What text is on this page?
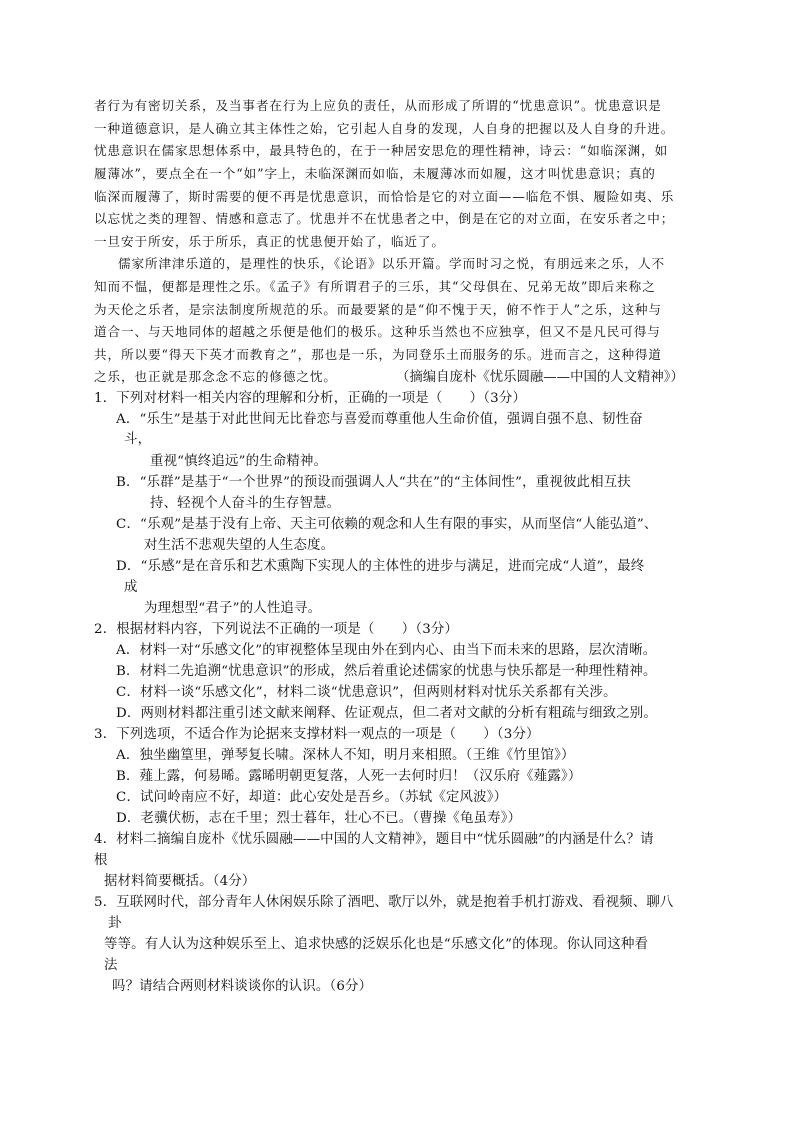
者行为有密切关系，及当事者在行为上应负的责任，从而形成了所谓的“忧患意识”。忧患意识是
一种道德意识，是人确立其主体性之始，它引起人自身的发现，人自身的把握以及人自身的升进。
忧患意识在儒家思想体系中，最具特色的，在于一种居安思危的理性精神，诗云：“如临深渊，如
履薄冰”，要点全在一个“如”字上，未临深渊而如临，未履薄冰而如履，这才叫忧患意识；真的
临深而履薄了，斯时需要的便不再是忧患意识，而恰恰是它的对立面——临危不惧、履险如夷、乐
以忘忧之类的理智、情感和意志了。忧患并不在忧患者之中，倒是在它的对立面，在安乐者之中；
一旦安于所安，乐于所乐，真正的忧患便开始了，临近了。
儒家所津津乐道的，是理性的快乐，《论语》以乐开篇。学而时习之悦，有朋远来之乐，人不
知而不愠，便都是理性之乐。《孟子》有所谓君子的三乐，其“父母俱在、兄弟无故”即后来称之
为天伦之乐者，是宗法制度所规范的乐。而最要紧的是“仰不愧于天，俯不怍于人”之乐，这种与
道合一、与天地同体的超越之乐便是他们的极乐。这种乐当然也不应独享，但又不是凡民可得与
共，所以要“得天下英才而教育之”，那也是一乐，为同登乐土而服务的乐。进而言之，这种得道
之乐，也正就是那念念不忘的修德之忱。	（摘编自庞朴《忧乐圆融——中国的人文精神》）
1．下列对材料一相关内容的理解和分析，正确的一项是（　　）（3分）
A．“乐生”是基于对此世间无比眷恋与喜爱而尊重他人生命价值，强调自强不息、韧性奋
斗，
重视“慎终追远”的生命精神。
B．“乐群”是基于“一个世界”的预设而强调人人“共在”的“主体间性”，重视彼此相互扶
持、轻视个人奋斗的生存智慧。
C．“乐观”是基于没有上帝、天主可依赖的观念和人生有限的事实，从而坚信“人能弘道”、
对生活不悲观失望的人生态度。
D．“乐感”是在音乐和艺术熏陶下实现人的主体性的进步与满足，进而完成“人道”，最终
成
为理想型“君子”的人性追寻。
2．根据材料内容，下列说法不正确的一项是（　　）（3分）
A．材料一对“乐感文化”的审视整体呈现由外在到内心、由当下而未来的思路，层次清晰。
B．材料二先追溯“忧患意识”的形成，然后着重论述儒家的忧患与快乐都是一种理性精神。
C．材料一谈“乐感文化”，材料二谈“忧患意识”，但两则材料对忧乐关系都有关涉。
D．两则材料都注重引述文献来阐释、佐证观点，但二者对文献的分析有粗疏与细致之别。
3．下列选项，不适合作为论据来支撑材料一观点的一项是（　　）（3分）
A．独坐幽篁里，弹琴复长啸。深林人不知，明月来相照。（王维《竹里馆》）
B．薤上露，何易晞。露晞明朝更复落，人死一去何时归！（汉乐府《薤露》）
C．试问岭南应不好，却道：此心安处是吾乡。（苏轼《定风波》）
D．老骥伏枥，志在千里；烈士暮年，壮心不已。（曹操《龟虽寿》）
4．材料二摘编自庞朴《忧乐圆融——中国的人文精神》，题目中“忧乐圆融”的内涵是什么？请
根
据材料简要概括。（4分）
5．互联网时代，部分青年人休闲娱乐除了酒吧、歌厅以外，就是抱着手机打游戏、看视频、聊八
卦
等等。有人认为这种娱乐至上、追求快感的泛娱乐化也是“乐感文化”的体现。你认同这种看
法
吗？请结合两则材料谈谈你的认识。（6分）
